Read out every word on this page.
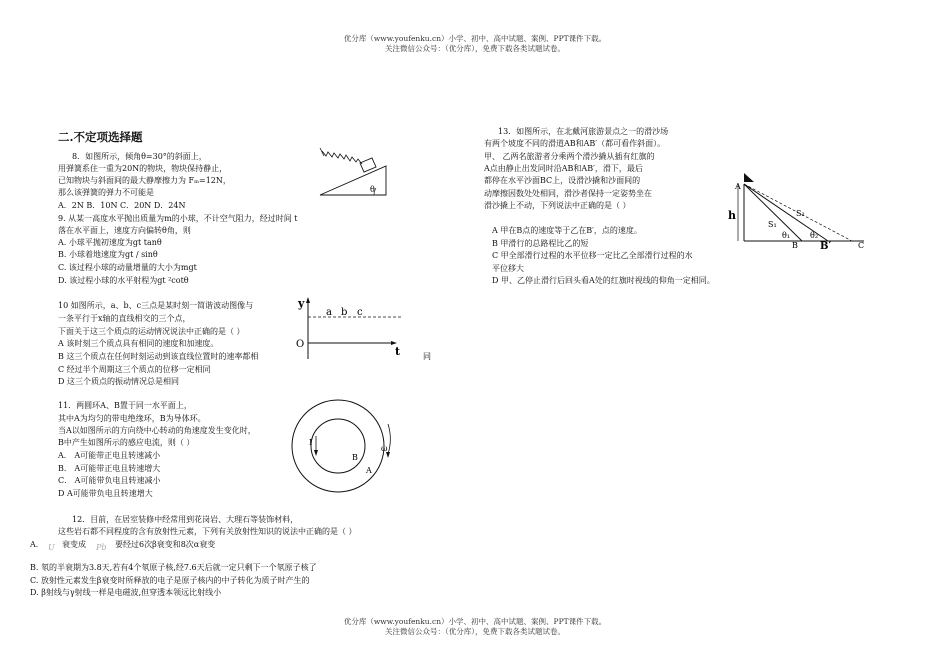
优分库（www.youfenku.cn）小学、初中、高中试题、案例、PPT课件下载。
关注微信公众号：（优分库），免费下载各类试题试卷。
二.不定项选择题
8．如图所示，倾角θ=30°的斜面上，
用弹簧系住一重为20N的物块，物块保持静止，
已知物块与斜面间的最大静摩擦力为 Fₘ=12N，
那么该弹簧的弹力不可能是
A．2N B．10N C．20N D．24N
θ
9. 从某一高度水平抛出质量为m的小球，不计空气阻力，经过时间 t
落在水平面上，速度方向偏转θ角，则
A. 小球平抛初速度为gt tanθ
B. 小球着地速度为gt / sinθ
C. 该过程小球的动量增量的大小为mgt
D. 该过程小球的水平射程为gt ²cotθ
10 如图所示，a、b、c三点是某时刻一简谐波动图像与
一条平行于x轴的直线相交的三个点，
下面关于这三个质点的运动情况说法中正确的是（ ）
A 该时刻三个质点具有相同的速度和加速度。
B 这三个质点在任何时刻运动到该直线位置时的速率都相	同
C 经过半个周期这三个质点的位移一定相同
D 这三个质点的振动情况总是相同
y
t
O
a b c
11．两圆环A、B置于同一水平面上，
其中A为均匀的带电绝缘环，B为导体环。
当A以如图所示的方向绕中心转动的角速度发生变化时，
B中产生如图所示的感应电流，则（ ）
A． A可能带正电且转速减小
B． A可能带正电且转速增大
C． A可能带负电且转速减小
D A可能带负电且转速增大
I
B
A
ω
12．目前，在居室装修中经常用到花岗岩、大理石等装饰材料，
这些岩石都不同程度的含有放射性元素，下列有关放射性知识的说法中正确的是（ ）
A． U 衰变成 Pb 要经过6次β衰变和8次α衰变
B. 氡的半衰期为3.8天,若有4个氡原子核,经7.6天后就一定只剩下一个氡原子核了
C. 放射性元素发生β衰变时所释放的电子是原子核内的中子转化为质子时产生的
D. β射线与γ射线一样是电磁波,但穿透本领远比射线小
13．如图所示，在北戴河旅游景点之一的滑沙场
有两个坡度不同的滑道AB和AB′（都可看作斜面）。
甲、 乙两名旅游者分乘两个滑沙撬从插有红旗的
A点由静止出发同时沿AB和AB′，滑下，最后
都停在水平沙面BC上，设滑沙撬和沙面间的
动摩擦因数处处相同，滑沙者保持一定姿势坐在
滑沙撬上不动，下列说法中正确的是（ ）
A 甲在B点的速度等于乙在B′，点的速度。
B 甲滑行的总路程比乙的短
C 甲全部滑行过程的水平位移一定比乙全部滑行过程的水
平位移大
D 甲、乙停止滑行后回头看A处的红旗时视线的仰角一定相同。
A
h
S₁
S₂
θ₁ θ₂
B B′	C
优分库（www.youfenku.cn）小学、初中、高中试题、案例、PPT课件下载。
关注微信公众号：（优分库），免费下载各类试题试卷。
